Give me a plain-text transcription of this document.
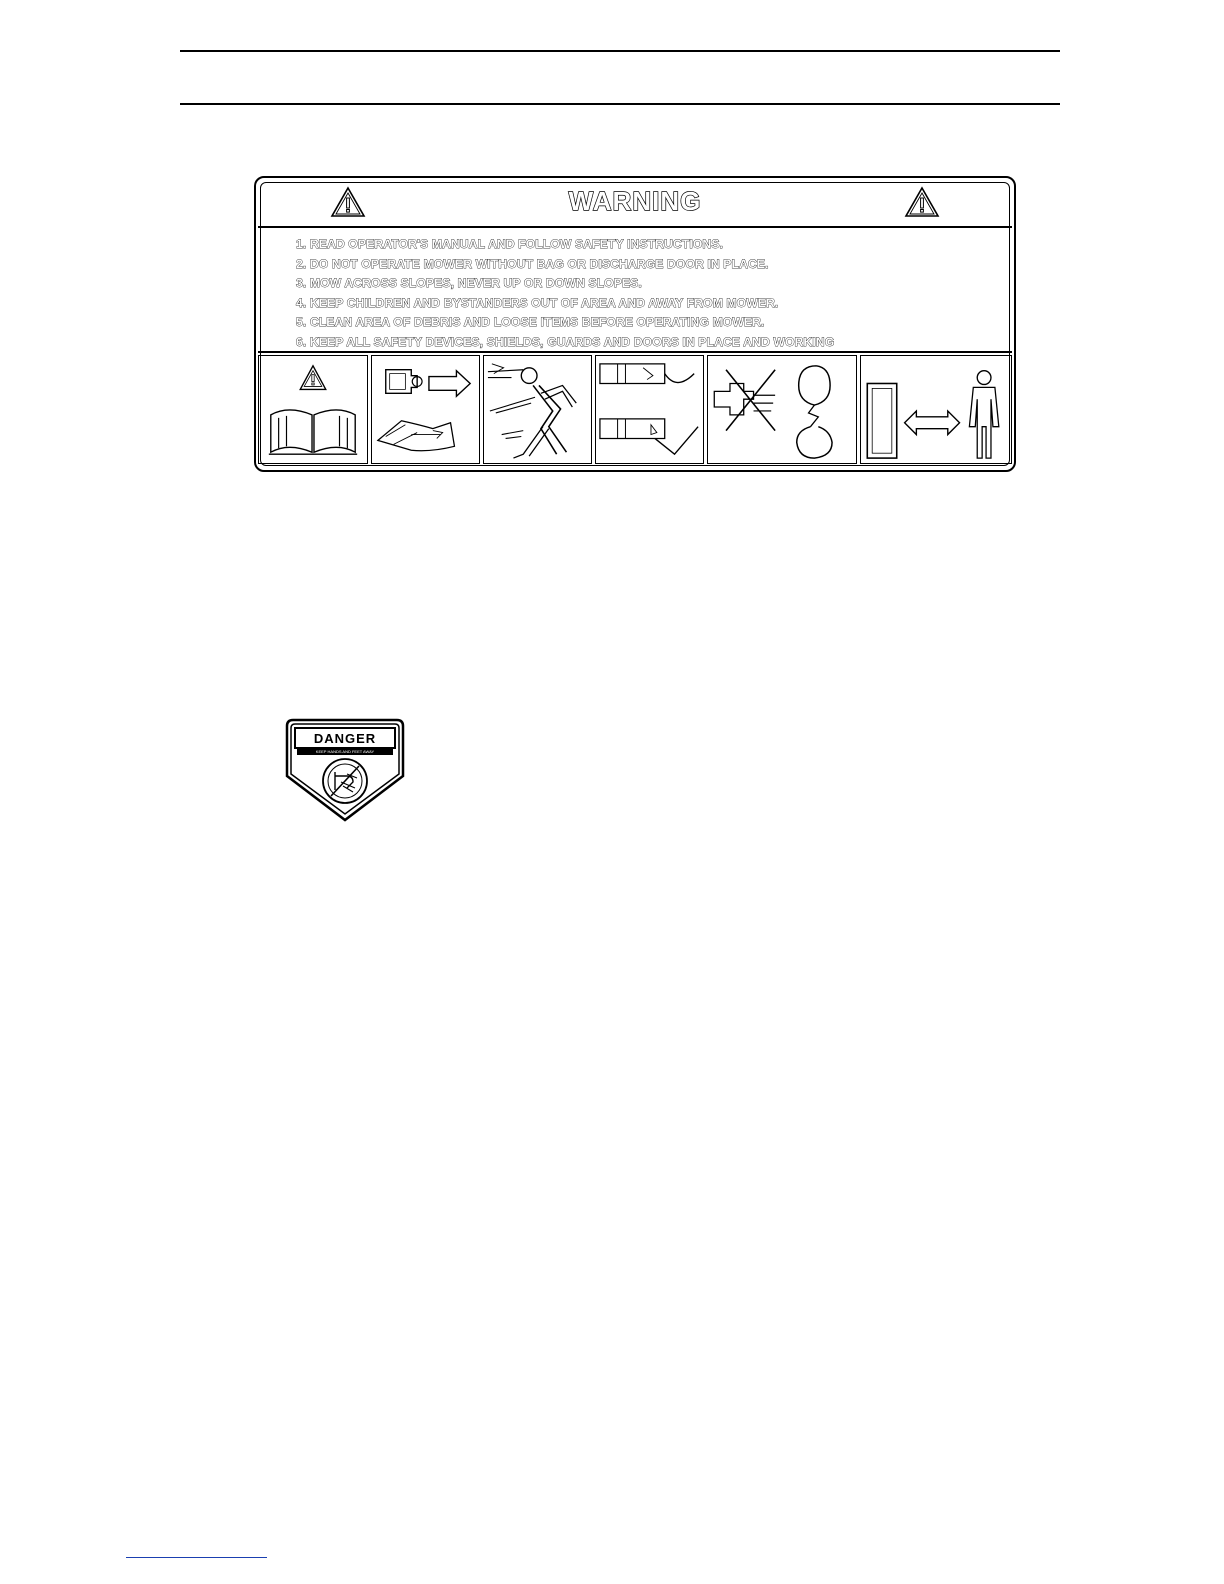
WARNING
1. READ OPERATOR'S MANUAL AND FOLLOW SAFETY INSTRUCTIONS.
2. DO NOT OPERATE MOWER WITHOUT BAG OR DISCHARGE DOOR IN PLACE.
3. MOW ACROSS SLOPES, NEVER UP OR DOWN SLOPES.
4. KEEP CHILDREN AND BYSTANDERS OUT OF AREA AND AWAY FROM MOWER.
5. CLEAN AREA OF DEBRIS AND LOOSE ITEMS BEFORE OPERATING MOWER.
6. KEEP ALL SAFETY DEVICES, SHIELDS, GUARDS AND DOORS IN PLACE AND WORKING
DANGER
KEEP HANDS AND FEET AWAY
